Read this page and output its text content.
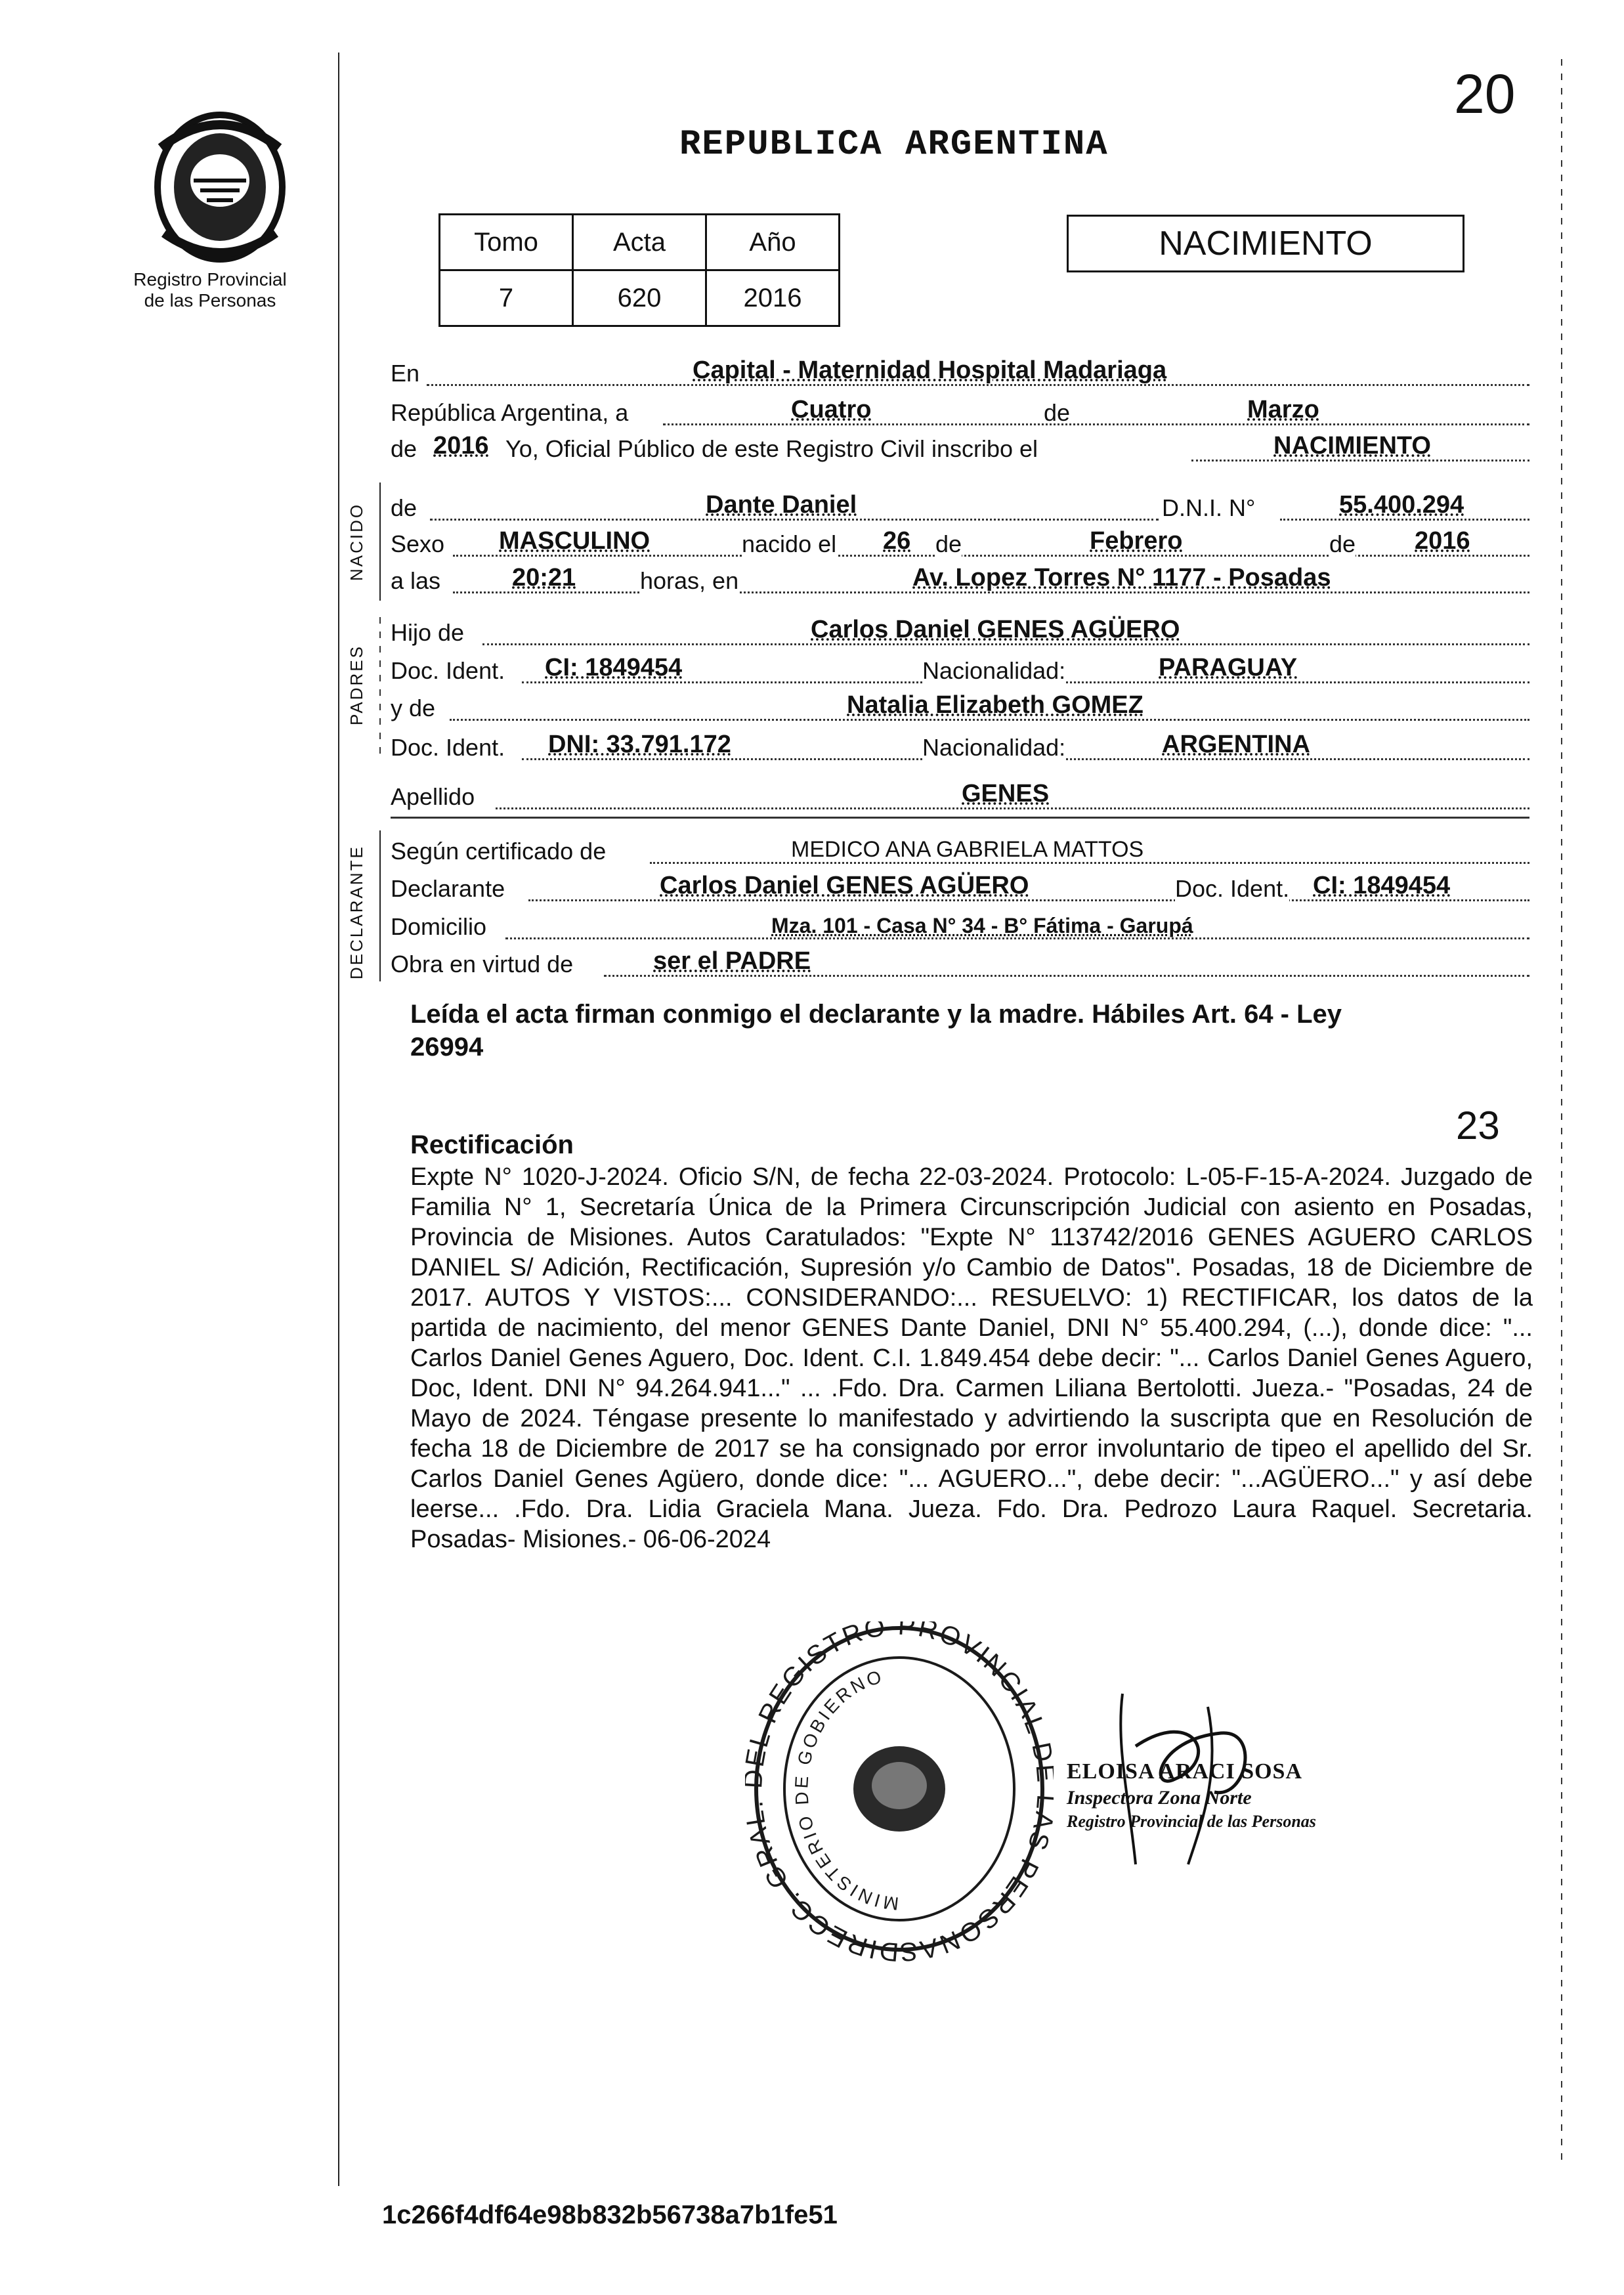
Registro Provincial
de las Personas
20
REPUBLICA ARGENTINA
Tomo	Acta	Año
7	620	2016
NACIMIENTO
NACIDO
PADRES
DECLARANTE
En	Capital - Maternidad Hospital Madariaga
República Argentina, a	Cuatro	de	Marzo
de 2016 Yo, Oficial Público de este Registro Civil inscribo el	NACIMIENTO
de	Dante Daniel	D.N.I. N°	55.400.294
Sexo MASCULINO	nacido el 26 de	Febrero	de 2016
a las	20:21	horas, en	Av. Lopez Torres N° 1177 - Posadas
Hijo de	Carlos Daniel GENES AGÜERO
Doc. Ident. CI: 1849454	Nacionalidad:	PARAGUAY
y de	Natalia Elizabeth GOMEZ
Doc. Ident. DNI: 33.791.172	Nacionalidad:	ARGENTINA
Apellido	GENES
Según certificado de	MEDICO ANA GABRIELA MATTOS
Declarante	Carlos Daniel GENES AGÜERO	Doc. Ident. CI: 1849454
Domicilio	Mza. 101 - Casa N° 34 - B° Fátima - Garupá
Obra en virtud de	ser el PADRE
Leída el acta firman conmigo el declarante y la madre. Hábiles Art. 64 - Ley
26994
23
Rectificación
Expte N° 1020-J-2024. Oficio S/N, de fecha 22-03-2024. Protocolo: L-05-F-15-A-2024. Juzgado de Familia N° 1, Secretaría Única de la Primera Circunscripción Judicial con asiento en Posadas, Provincia de Misiones. Autos Caratulados: "Expte N° 113742/2016 GENES AGUERO CARLOS DANIEL S/ Adición, Rectificación, Supresión y/o Cambio de Datos". Posadas, 18 de Diciembre de 2017. AUTOS Y VISTOS:... CONSIDERANDO:... RESUELVO: 1) RECTIFICAR, los datos de la partida de nacimiento, del menor GENES Dante Daniel, DNI N° 55.400.294, (...), donde dice: "... Carlos Daniel Genes Aguero, Doc. Ident. C.I. 1.849.454 debe decir: "... Carlos Daniel Genes Aguero, Doc, Ident. DNI N° 94.264.941..." ... .Fdo. Dra. Carmen Liliana Bertolotti. Jueza.- "Posadas, 24 de Mayo de 2024. Téngase presente lo manifestado y advirtiendo la suscripta que en Resolución de fecha 18 de Diciembre de 2017 se ha consignado por error involuntario de tipeo el apellido del Sr. Carlos Daniel Genes Agüero, donde dice: "... AGUERO...", debe decir: "...AGÜERO..." y así debe leerse... .Fdo. Dra. Lidia Graciela Mana. Jueza. Fdo. Dra. Pedrozo Laura Raquel. Secretaria. Posadas- Misiones.- 06-06-2024
DIRECC. GRA L REGISTRO PROVINCIAL S PERSONAS
MINISTERIO DE GOBIERNO
ELOISA ARACI SOSA
Inspectora Zona Norte
Registro Provincial de las Personas
1c266f4df64e98b832b56738a7b1fe51
